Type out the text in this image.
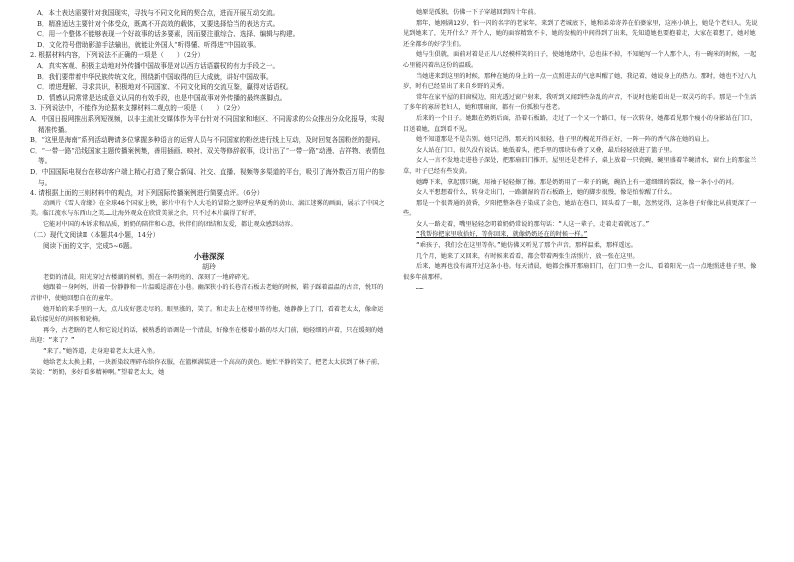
A．本土表达需要针对我国现实，寻找与不同文化间的契合点，进而开展互动交流。

B．精准适达主要针对个体受众，既离不开高效的载体，又要选择恰当的表达方式。

C．用一个整体不能够表现一个好故事的话多要素，因而要注重综合、选择、编辑与构建。

D．文化符号借助影游手法输出，就能让外国人“听得懂、听得进”中国故事。

2. 根据材料内容，下列说法不正确的一项是（　　）（2分）

A．真实客观、积极主动地对外传播中国故事是对以西方话语霸权的有力手段之一。

B．我们要带着中华民族传统文化，围绕新中国取得的巨大成就，讲好中国故事。

C．增进理解、寻求共识，积极地对不同国家、不同文化间的交流互鉴，赢得对话语权。

D．情感认同常常是达成意义认同的有效手段，也是中国故事对外传播的最终落脚点。

3. 下列说法中，不能作为论据来支撑材料二观点的一项是（　　）（2分）

A．中国日报网推出系列短视频，以非主流社交媒体作为平台针对不同国家和地区、不同需求的公众推出分众化报导，实现精准传播。

B．“这里是海南”系列活动聘请多位掌握多种语言的运营人员与不同国家的粉丝进行线上互动，及时回复各国粉丝的提问。

C．“一带一路”沿线国家主题传播案例集，善用插画、映衬、双关等修辞叙事，设计出了“一带一路”动漫、吉祥物、表情包等。

D．中国国际电视台在移动客户端上精心打造了聚合新闻、社交、直播、视频等多渠道的平台，吸引了海外数百万用户的参与。

4. 请根据上面的三则材料中的观点，对下列国际传播案例进行简要点评。（6分）

动画片《雪人奇缘》在全球46个国家上映，影片中有个人大毛的冒险之旅呼应华夏秀的黄山、漓江迷雾的画面，展示了中国之美。临江流水与东西山之美……让海外观众在欣赏美景之余，只不过本片赢得了好评，

它能对中国的本诉求和品质，奶奶的陪伴和心意，伙伴们的团结和友爱，都让观众感到动容。

（二）现代文阅读Ⅱ（本题共4小题，14分）

阅读下面的文字，完成5~6题。

小巷深深

胡玲

老街的清晨，阳光穿过古楼湖的树梢，照在一条明亮的、深刻了一地碎碎光。

她跟着一身阿妈，讲着一份静静和一片温暖巡游在小巷。幽深狭小的长巷青石板去老她的时候，鞋子踩着温温的古音，悦耳的音律中，使她回想自在的童年。

她开始的来手里的一大，点儿皮好慈走尽的。眼里涨的，笑了。和走去上在楼里等待他，她静静上了门，看着老太太，像命运最后接见好的问候和轮椅。

再今，古老瞎的老人和它说过的话，被熟悉的语调是一个清晨，好像坐在楼着小路的尽大门前，她轻细的声着，只在缓刻的她出迎：“来了？”

“来了。”她答道，走身迎着老太太进入坐。

她给老太太换上鞋，一块新染纹理碎布给你衣服，在篮框满装进一个高高的黄色。她忙平静的笑了，把老太太扶到了林子前，笑说：“奶奶，多好看多精神啊。”望着老太太，她

她原是孤独，仿佛一下子穿越回到四十年前。

那年，她刚满12岁，怕一闪的名字的老家年，来到了老城底下，她和弟弟寄养在伯婆家里，这座小镇上，她是个老妇人。先说见到她来了，先开什么？开个人，她的面容精致不卡，她的发梳的中间得到了出来，先知道她也要抱着走，大家在着想了，她对她还全都乡的好学生们。

她与生俱就，面前对着是正儿八经模样笑的日子，使她地绪中，总也抹不掉，不知她写一个人那个人，有一碗米的时候，一起心里能闪着出这份的温暖。

当她进来到这里的时候，那种在她的身上的一点一点照进去的气息叫醒了她，我记着，她说身上的热力。那时，她也不过八九岁，时有已经显出了来自乡野的灵秀。

常年在家平屋的旧窗棂边，阳光透过窗户射来，我听到又闻到些杂乱的声音，不说时也能看出是一双灵巧的手。那是一个生活了多年的寡居老妇人，她和那扇窗，都有一份孤独与苍老。

后来的一个日子。她跟在奶奶后面，沿着石板路，走过了一个又一个路口，每一次转身，她都看见那个瘦小的身影站在门口，目送着她，直到看不见。

她不知道那是不是告别。她只记得，那天的风很轻，巷子里的槐花开得正好，一阵一阵的香气落在她的肩上。

女人站在门口，很久没有说话。她低着头，把手里的那块布叠了又叠，最后轻轻放进了篮子里。

女人一言不发地走进巷子深处，把那扇旧门推开，屋里还是老样子，桌上放着一只瓷碗，碗里盛着半碗清水，窗台上的那盆兰草，叶子已经有些发黄。

她蹲下来，拿起那只碗，用袖子轻轻擦了擦。那是奶奶用了一辈子的碗，碗沿上有一道细细的裂纹，像一条小小的河。

女人平想想着什么，转身走出门，一路潮湿的青石板路上，她的脚步很慢，像是怕惊醒了什么。

那是一个很普通的黄昏，夕阳把整条巷子染成了金色，她站在巷口，回头看了一眼，忽然觉得，这条巷子好像比从前更深了一些。

女人一路走着，嘴里轻轻念叨着奶奶常说的那句话：“人这一辈子，走着走着就远了。”

“我帮你把家里收拾好，等你回来，就像奶奶还在的时候一样。”

“乖孩子，我们会在这里等你。”她仿佛又听见了那个声音，那样温柔，那样遥远。

几个月，她来了又回来，有时候来看看，都会带着两张生活照片，放一张在这里。

后来，她再也没有离开过这条小巷。每天清晨，她都会推开那扇旧门，在门口坐一会儿，看着阳光一点一点地照进巷子里，像很多年前那样。

……
